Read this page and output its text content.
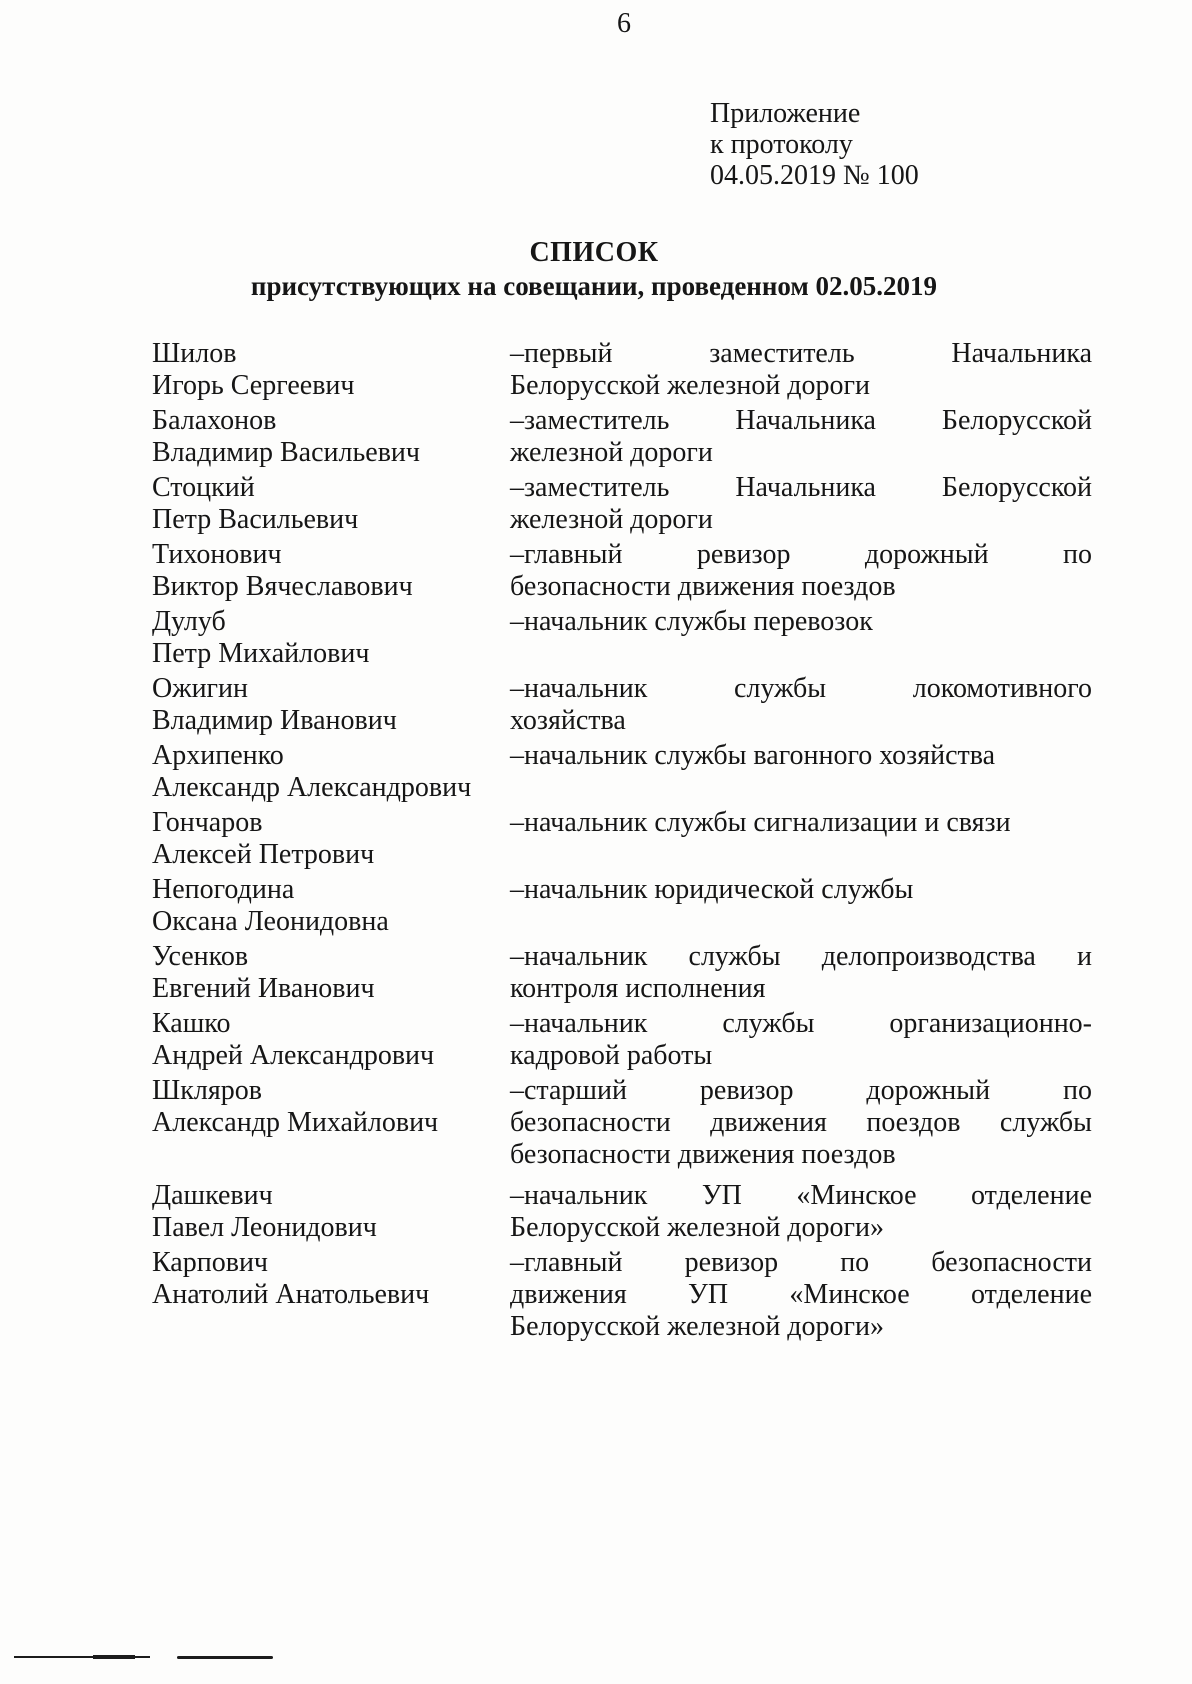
6
Приложение
к протоколу
04.05.2019 № 100
СПИСОК
присутствующих на совещании, проведенном 02.05.2019
Шилов
Игорь Сергеевич
–первый заместитель Начальника
Белорусской железной дороги
Балахонов
Владимир Васильевич
–заместитель Начальника Белорусской
железной дороги
Стоцкий
Петр Васильевич
–заместитель Начальника Белорусской
железной дороги
Тихонович
Виктор Вячеславович
–главный ревизор дорожный по
безопасности движения поездов
Дулуб
Петр Михайлович
–начальник службы перевозок
Ожигин
Владимир Иванович
–начальник службы локомотивного
хозяйства
Архипенко
Александр Александрович
–начальник службы вагонного хозяйства
Гончаров
Алексей Петрович
–начальник службы сигнализации и связи
Непогодина
Оксана Леонидовна
–начальник юридической службы
Усенков
Евгений Иванович
–начальник службы делопроизводства и
контроля исполнения
Кашко
Андрей Александрович
–начальник службы организационно-
кадровой работы
Шкляров
Александр Михайлович
–старший ревизор дорожный по
безопасности движения поездов службы
безопасности движения поездов
Дашкевич
Павел Леонидович
–начальник УП «Минское отделение
Белорусской железной дороги»
Карпович
Анатолий Анатольевич
–главный ревизор по безопасности
движения УП «Минское отделение
Белорусской железной дороги»
